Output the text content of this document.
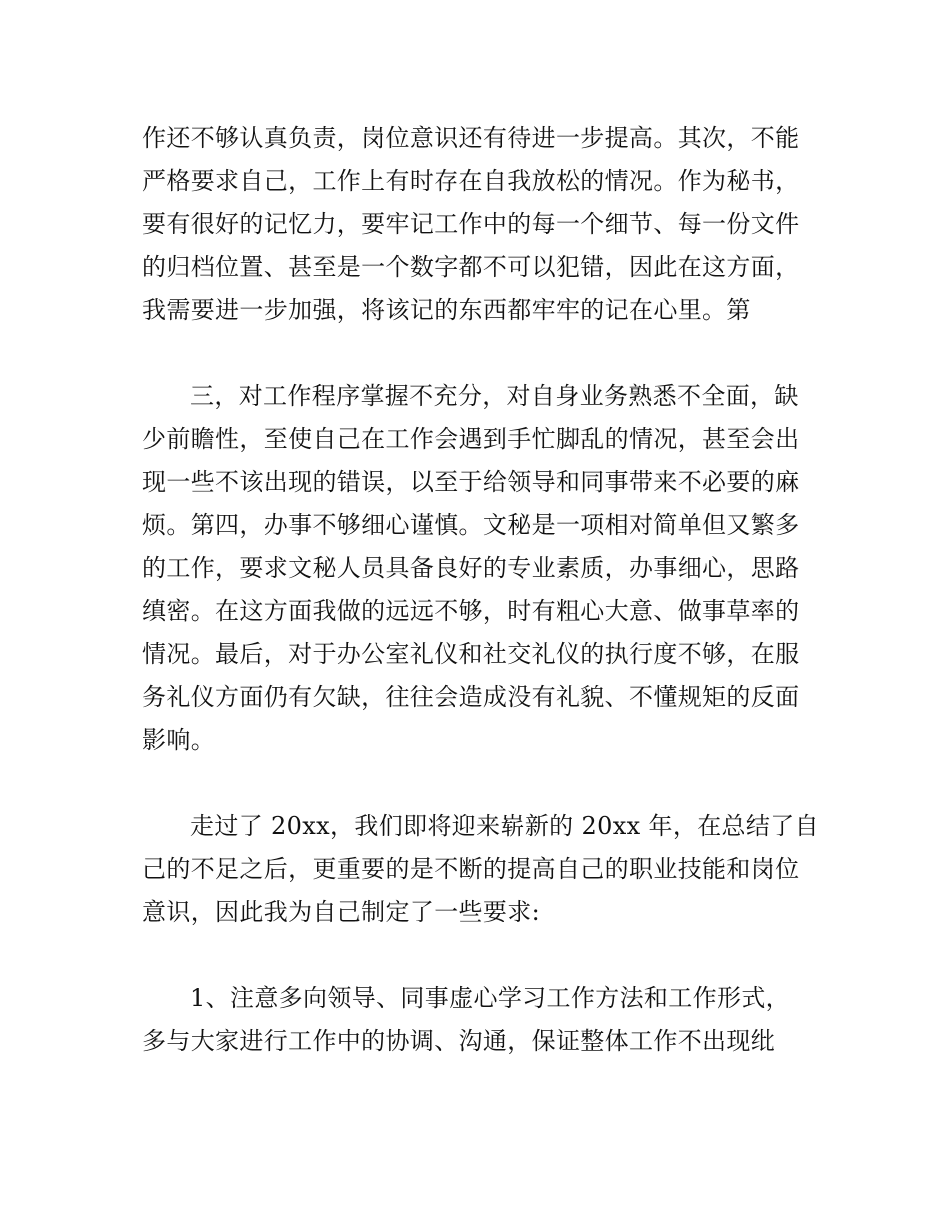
作还不够认真负责，岗位意识还有待进一步提高。其次，不能
严格要求自己，工作上有时存在自我放松的情况。作为秘书，
要有很好的记忆力，要牢记工作中的每一个细节、每一份文件
的归档位置、甚至是一个数字都不可以犯错，因此在这方面，
我需要进一步加强，将该记的东西都牢牢的记在心里。第
三，对工作程序掌握不充分，对自身业务熟悉不全面，缺
少前瞻性，至使自己在工作会遇到手忙脚乱的情况，甚至会出
现一些不该出现的错误，以至于给领导和同事带来不必要的麻
烦。第四，办事不够细心谨慎。文秘是一项相对简单但又繁多
的工作，要求文秘人员具备良好的专业素质，办事细心，思路
缜密。在这方面我做的远远不够，时有粗心大意、做事草率的
情况。最后，对于办公室礼仪和社交礼仪的执行度不够，在服
务礼仪方面仍有欠缺，往往会造成没有礼貌、不懂规矩的反面
影响。
走过了 20xx，我们即将迎来崭新的 20xx 年，在总结了自
己的不足之后，更重要的是不断的提高自己的职业技能和岗位
意识，因此我为自己制定了一些要求:
1、注意多向领导、同事虚心学习工作方法和工作形式，
多与大家进行工作中的协调、沟通，保证整体工作不出现纰
